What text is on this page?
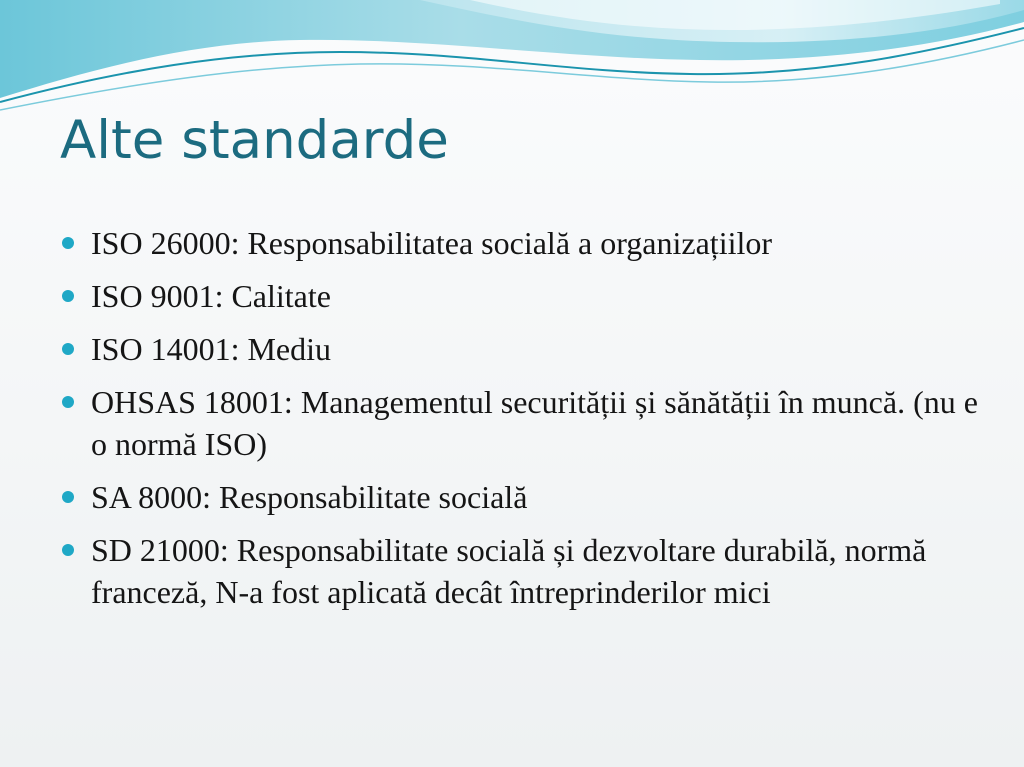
Alte standarde
ISO 26000: Responsabilitatea socială a organizațiilor
ISO 9001: Calitate
ISO 14001: Mediu
OHSAS 18001: Managementul securității și sănătății în muncă. (nu e o normă ISO)
SA 8000: Responsabilitate socială
SD 21000: Responsabilitate socială și dezvoltare durabilă, normă franceză, N-a fost aplicată decât întreprinderilor mici
